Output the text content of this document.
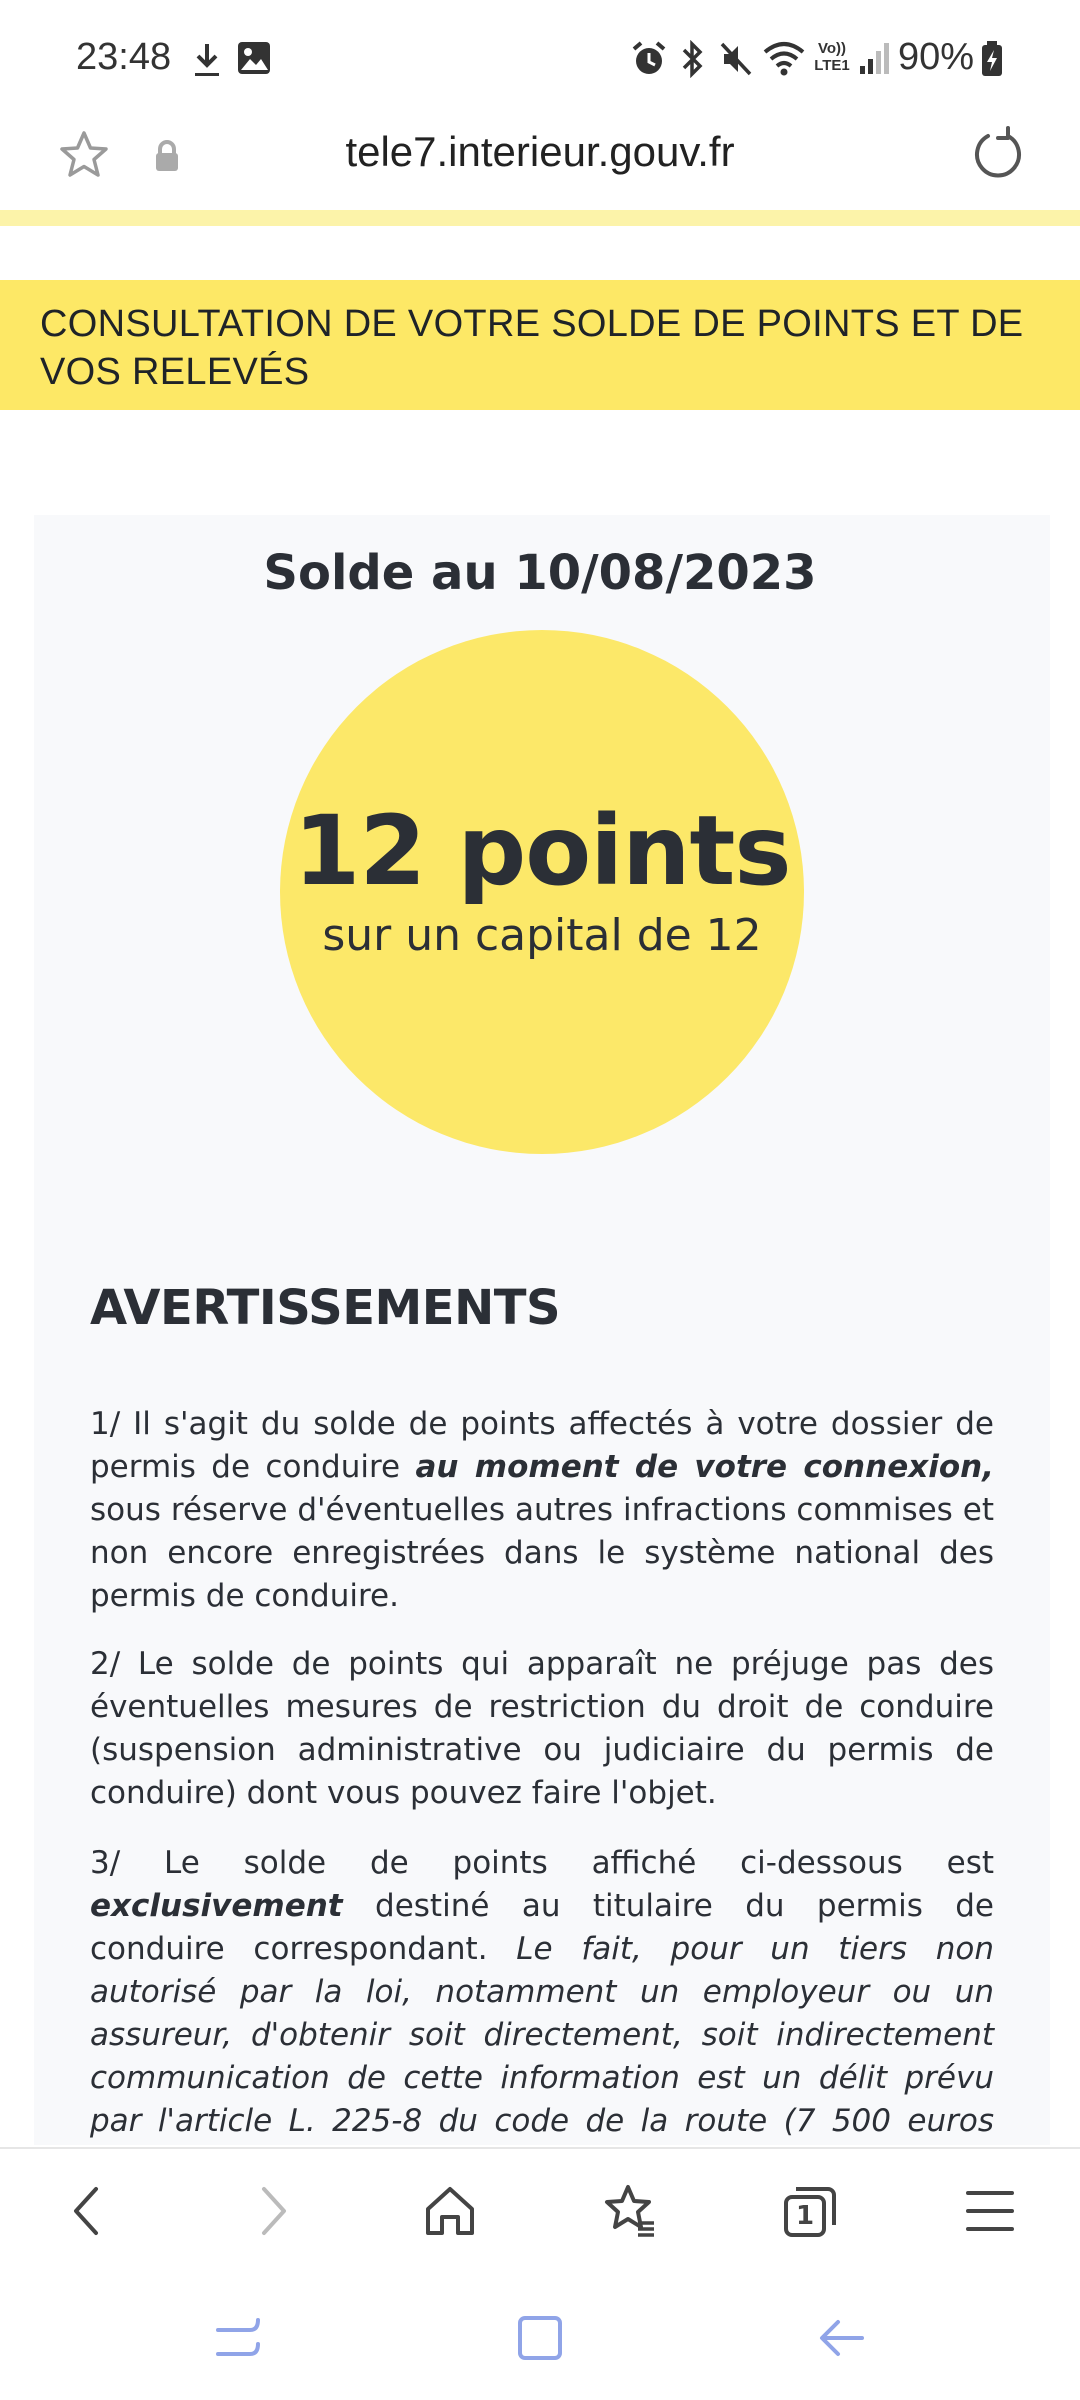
23:48	Vo)) LTE1 90%
tele7.interieur.gouv.fr
CONSULTATION DE VOTRE SOLDE DE POINTS ET DE VOS RELEVÉS
Solde au 10/08/2023
12 points
sur un capital de 12
AVERTISSEMENTS
1/ Il s'agit du solde de points affectés à votre dossier de permis de conduire au moment de votre connexion, sous réserve d'éventuelles autres infractions commises et non encore enregistrées dans le système national des permis de conduire.
2/ Le solde de points qui apparaît ne préjuge pas des éventuelles mesures de restriction du droit de conduire (suspension administrative ou judiciaire du permis de conduire) dont vous pouvez faire l'objet.
3/ Le solde de points affiché ci-dessous est exclusivement destiné au titulaire du permis de conduire correspondant. Le fait, pour un tiers non autorisé par la loi, notamment un employeur ou un assureur, d'obtenir soit directement, soit indirectement communication de cette information est un délit prévu par l'article L. 225-8 du code de la route (7 500 euros
1
